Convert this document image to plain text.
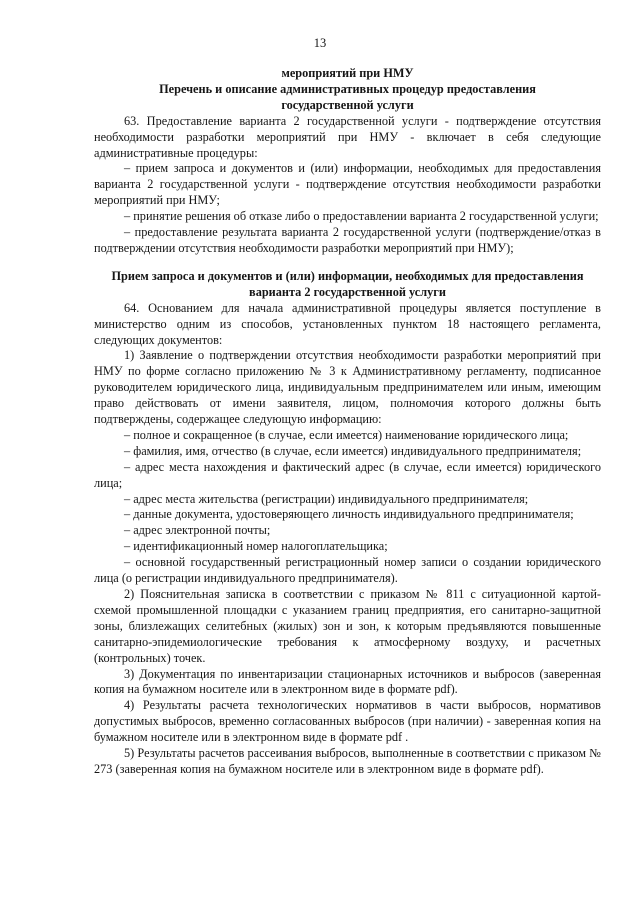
13
мероприятий при НМУ
Перечень и описание административных процедур предоставления
государственной услуги

63. Предоставление варианта 2 государственной услуги - подтверждение отсутствия необходимости разработки мероприятий при НМУ - включает в себя следующие административные процедуры:

– прием запроса и документов и (или) информации, необходимых для предоставления варианта 2 государственной услуги - подтверждение отсутствия необходимости разработки мероприятий при НМУ;

– принятие решения об отказе либо о предоставлении варианта 2 государственной услуги;

– предоставление результата варианта 2 государственной услуги (подтверждение/отказ в подтверждении отсутствия необходимости разработки мероприятий при НМУ);

Прием запроса и документов и (или) информации, необходимых для предоставления
варианта 2 государственной услуги

64. Основанием для начала административной процедуры является поступление в министерство одним из способов, установленных пунктом 18 настоящего регламента, следующих документов:

1) Заявление о подтверждении отсутствия необходимости разработки мероприятий при НМУ по форме согласно приложению № 3 к Административному регламенту, подписанное руководителем юридического лица, индивидуальным предпринимателем или иным, имеющим право действовать от имени заявителя, лицом, полномочия которого должны быть подтверждены, содержащее следующую информацию:

– полное и сокращенное (в случае, если имеется) наименование юридического лица;

– фамилия, имя, отчество (в случае, если имеется) индивидуального предпринимателя;

– адрес места нахождения и фактический адрес (в случае, если имеется) юридического лица;

– адрес места жительства (регистрации) индивидуального предпринимателя;

– данные документа, удостоверяющего личность индивидуального предпринимателя;

– адрес электронной почты;

– идентификационный номер налогоплательщика;

– основной государственный регистрационный номер записи о создании юридического лица (о регистрации индивидуального предпринимателя).

2) Пояснительная записка в соответствии с приказом № 811 с ситуационной картой-схемой промышленной площадки с указанием границ предприятия, его санитарно-защитной зоны, близлежащих селитебных (жилых) зон и зон, к которым предъявляются повышенные санитарно-эпидемиологические требования к атмосферному воздуху, и расчетных (контрольных) точек.

3) Документация по инвентаризации стационарных источников и выбросов (заверенная копия на бумажном носителе или в электронном виде в формате pdf).

4) Результаты расчета технологических нормативов в части выбросов, нормативов допустимых выбросов, временно согласованных выбросов (при наличии) - заверенная копия на бумажном носителе или в электронном виде в формате pdf .

5) Результаты расчетов рассеивания выбросов, выполненные в соответствии с приказом № 273 (заверенная копия на бумажном носителе или в электронном виде в формате pdf).
